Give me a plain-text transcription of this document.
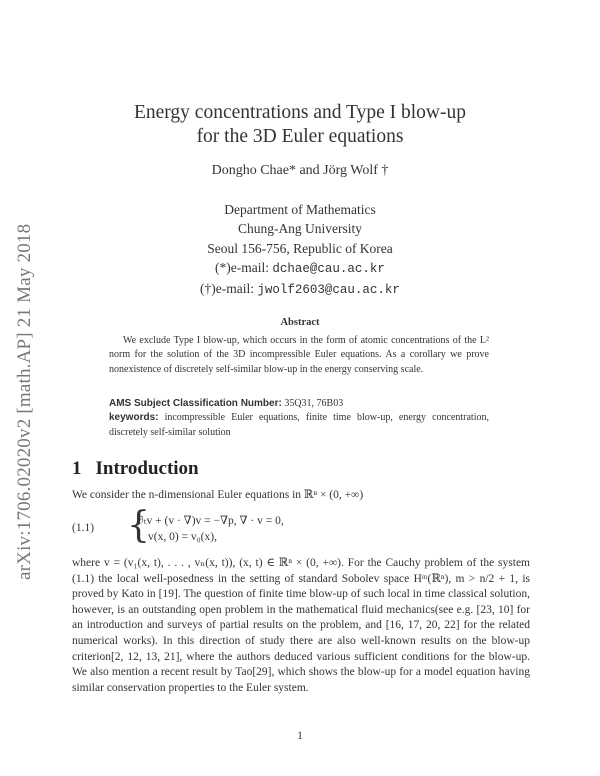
arXiv:1706.02020v2 [math.AP] 21 May 2018
Energy concentrations and Type I blow-up
for the 3D Euler equations
Dongho Chae* and Jörg Wolf †
Department of Mathematics
Chung-Ang University
Seoul 156-756, Republic of Korea
(*)e-mail: dchae@cau.ac.kr
(†)e-mail: jwolf2603@cau.ac.kr
Abstract
We exclude Type I blow-up, which occurs in the form of atomic concentrations of the L² norm for the solution of the 3D incompressible Euler equations. As a corollary we prove nonexistence of discretely self-similar blow-up in the energy conserving scale.
AMS Subject Classification Number: 35Q31, 76B03
keywords: incompressible Euler equations, finite time blow-up, energy concentration, discretely self-similar solution
1 Introduction
We consider the n-dimensional Euler equations in ℝⁿ × (0, +∞)
(1.1) {
∂ₜv + (v · ∇)v = −∇p, ∇ · v = 0,
v(x, 0) = v₀(x),
where v = (v₁(x, t), . . . , vₙ(x, t)), (x, t) ∈ ℝⁿ × (0, +∞). For the Cauchy problem of the system (1.1) the local well-posedness in the setting of standard Sobolev space Hᵐ(ℝⁿ), m > n/2 + 1, is proved by Kato in [19]. The question of finite time blow-up of such local in time classical solution, however, is an outstanding open problem in the mathematical fluid mechanics(see e.g. [23, 10] for an introduction and surveys of partial results on the problem, and [16, 17, 20, 22] for the related numerical works). In this direction of study there are also well-known results on the blow-up criterion[2, 12, 13, 21], where the authors deduced various sufficient conditions for the blow-up. We also mention a recent result by Tao[29], which shows the blow-up for a model equation having similar conservation properties to the Euler system.
1
